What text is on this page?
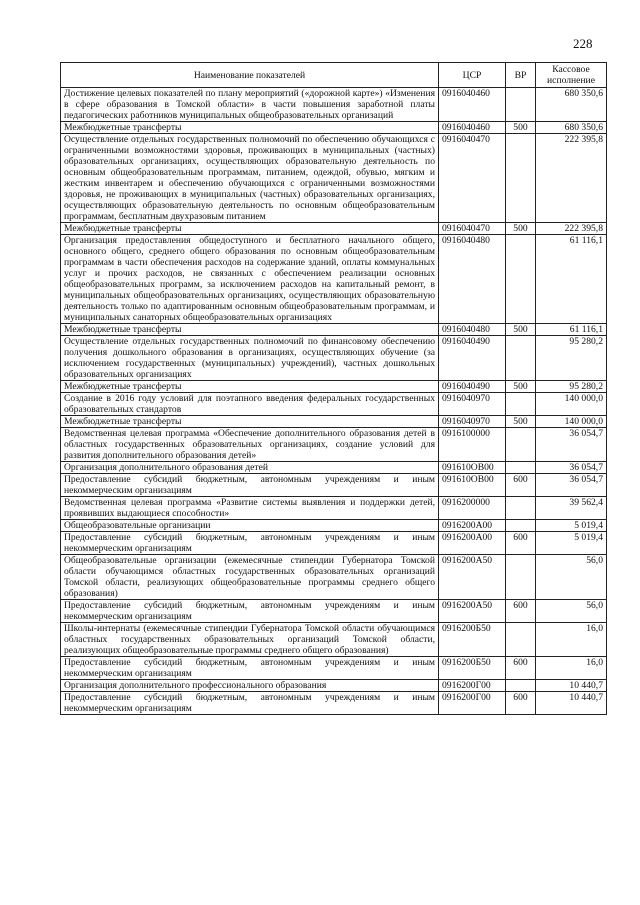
228
Наименование показателей	ЦСР	ВР	Кассовое исполнение
Достижение целевых показателей по плану мероприятий («дорожной карте») «Изменения в сфере образования в Томской области» в части повышения заработной платы педагогических работников муниципальных общеобразовательных организаций	0916040460		680 350,6
Межбюджетные трансферты	0916040460	500	680 350,6
Осуществление отдельных государственных полномочий по обеспечению обучающихся с ограниченными возможностями здоровья, проживающих в муниципальных (частных) образовательных организациях, осуществляющих образовательную деятельность по основным общеобразовательным программам, питанием, одеждой, обувью, мягким и жестким инвентарем и обеспечению обучающихся с ограниченными возможностями здоровья, не проживающих в муниципальных (частных) образовательных организациях, осуществляющих образовательную деятельность по основным общеобразовательным программам, бесплатным двухразовым питанием	0916040470		222 395,8
Межбюджетные трансферты	0916040470	500	222 395,8
Организация предоставления общедоступного и бесплатного начального общего, основного общего, среднего общего образования по основным общеобразовательным программам в части обеспечения расходов на содержание зданий, оплаты коммунальных услуг и прочих расходов, не связанных с обеспечением реализации основных общеобразовательных программ, за исключением расходов на капитальный ремонт, в муниципальных общеобразовательных организациях, осуществляющих образовательную деятельность только по адаптированным основным общеобразовательным программам, и муниципальных санаторных общеобразовательных организациях	0916040480		61 116,1
Межбюджетные трансферты	0916040480	500	61 116,1
Осуществление отдельных государственных полномочий по финансовому обеспечению получения дошкольного образования в организациях, осуществляющих обучение (за исключением государственных (муниципальных) учреждений), частных дошкольных образовательных организациях	0916040490		95 280,2
Межбюджетные трансферты	0916040490	500	95 280,2
Создание в 2016 году условий для поэтапного введения федеральных государственных образовательных стандартов	0916040970		140 000,0
Межбюджетные трансферты	0916040970	500	140 000,0
Ведомственная целевая программа «Обеспечение дополнительного образования детей в областных государственных образовательных организациях, создание условий для развития дополнительного образования детей»	0916100000		36 054,7
Организация дополнительного образования детей	091610ОВ00		36 054,7
Предоставление субсидий бюджетным, автономным учреждениям и иным некоммерческим организациям	091610ОВ00	600	36 054,7
Ведомственная целевая программа «Развитие системы выявления и поддержки детей, проявивших выдающиеся способности»	0916200000		39 562,4
Общеобразовательные организации	0916200А00		5 019,4
Предоставление субсидий бюджетным, автономным учреждениям и иным некоммерческим организациям	0916200А00	600	5 019,4
Общеобразовательные организации (ежемесячные стипендии Губернатора Томской области обучающимся областных государственных образовательных организаций Томской области, реализующих общеобразовательные программы среднего общего образования)	0916200А50		56,0
Предоставление субсидий бюджетным, автономным учреждениям и иным некоммерческим организациям	0916200А50	600	56,0
Школы-интернаты (ежемесячные стипендии Губернатора Томской области обучающимся областных государственных образовательных организаций Томской области, реализующих общеобразовательные программы среднего общего образования)	0916200Б50		16,0
Предоставление субсидий бюджетным, автономным учреждениям и иным некоммерческим организациям	0916200Б50	600	16,0
Организация дополнительного профессионального образования	0916200Г00		10 440,7
Предоставление субсидий бюджетным, автономным учреждениям и иным некоммерческим организациям	0916200Г00	600	10 440,7
